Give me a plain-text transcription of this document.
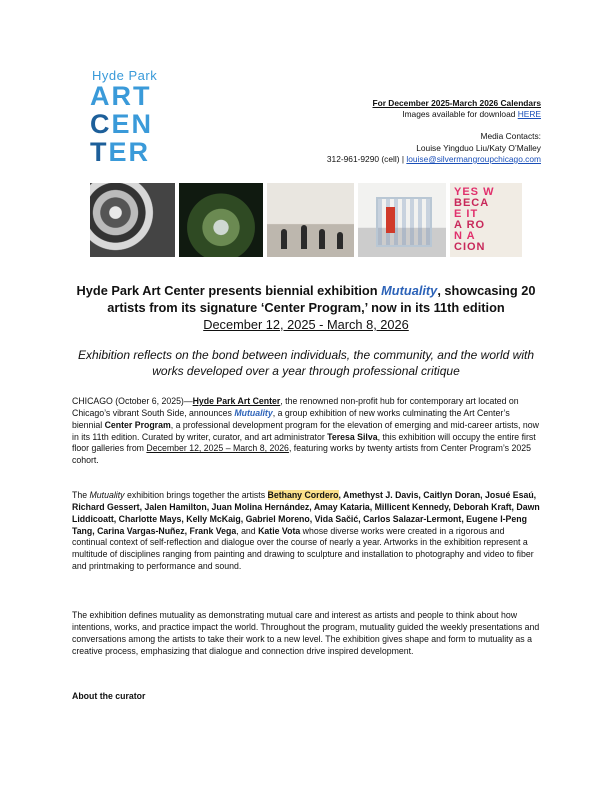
Hyde Park
ART
CEN
TER
For December 2025-March 2026 Calendars
Images available for download HERE
Media Contacts:
Louise Yingduo Liu/Katy O’Malley
312-961-9290 (cell) | louise@silvermangroupchicago.com
YES W
BECA
E IT
A RO
N A
CION
Hyde Park Art Center presents biennial exhibition Mutuality, showcasing 20 artists from its signature ‘Center Program,’ now in its 11th edition
December 12, 2025 - March 8, 2026
Exhibition reflects on the bond between individuals, the community, and the world with works developed over a year through professional critique

CHICAGO (October 6, 2025)—Hyde Park Art Center, the renowned non-profit hub for contemporary art located on Chicago’s vibrant South Side, announces Mutuality, a group exhibition of new works culminating the Art Center’s biennial Center Program, a professional development program for the elevation of emerging and mid-career artists, now in its 11th edition. Curated by writer, curator, and art administrator Teresa Silva, this exhibition will occupy the entire first floor galleries from December 12, 2025 – March 8, 2026, featuring works by twenty artists from Center Program’s 2025 cohort.

The Mutuality exhibition brings together the artists Bethany Cordero, Amethyst J. Davis, Caitlyn Doran, Josué Esaú, Richard Gessert, Jalen Hamilton, Juan Molina Hernández, Amay Kataria, Millicent Kennedy, Deborah Kraft, Dawn Liddicoatt, Charlotte Mays, Kelly McKaig, Gabriel Moreno, Vida Sačić, Carlos Salazar-Lermont, Eugene I-Peng Tang, Carina Vargas-Nuñez, Frank Vega, and Katie Vota whose diverse works were created in a rigorous and continual context of self-reflection and dialogue over the course of nearly a year. Artworks in the exhibition represent a multitude of disciplines ranging from painting and drawing to sculpture and installation to photography and video to fiber and printmaking to performance and sound.

The exhibition defines mutuality as demonstrating mutual care and interest as artists and people to think about how intentions, works, and practice impact the world. Throughout the program, mutuality guided the weekly presentations and conversations among the artists to take their work to a new level. The exhibition gives shape and form to mutuality as a creative process, emphasizing that dialogue and connection drive inspired development.
About the curator
